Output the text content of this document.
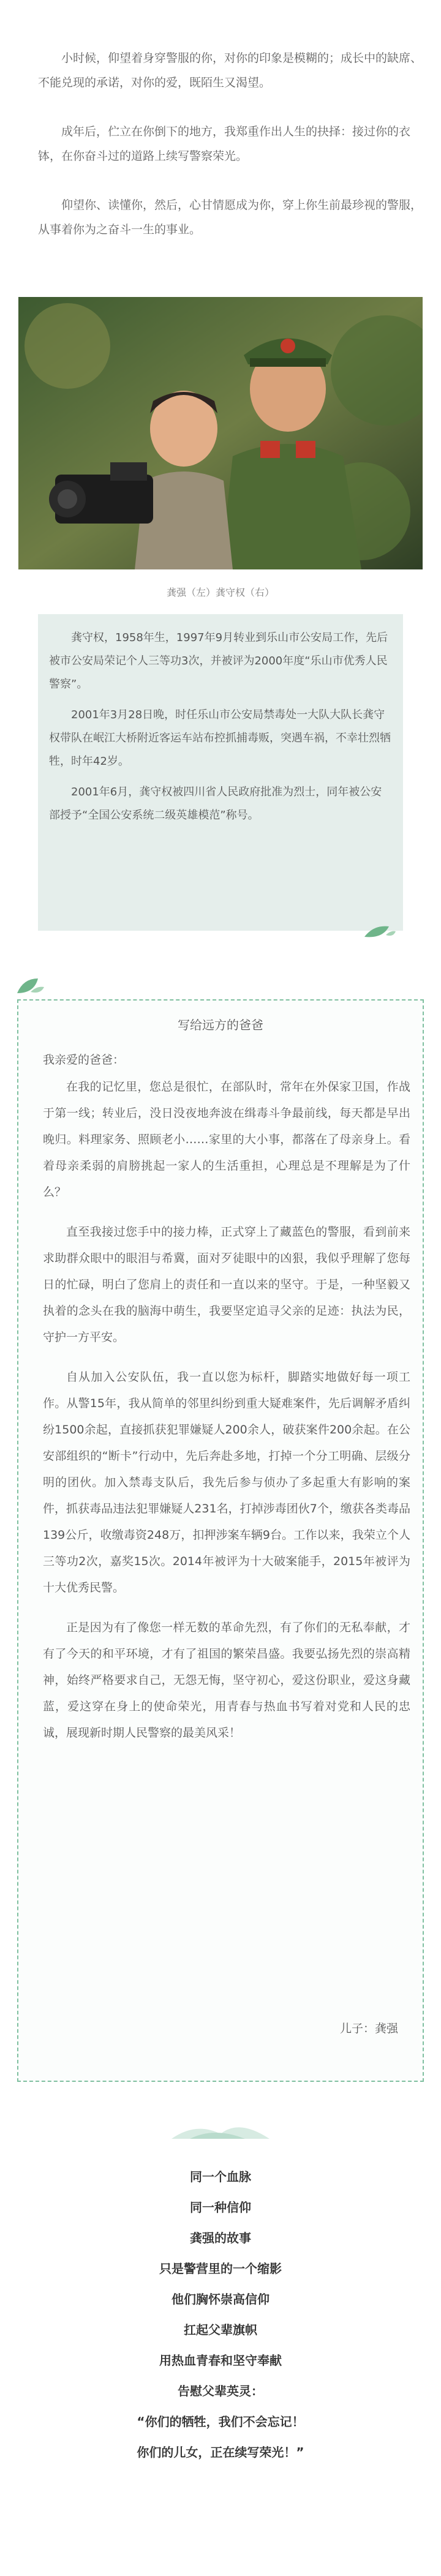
小时候，仰望着身穿警服的你，对你的印象是模糊的；成长中的缺席、不能兑现的承诺，对你的爱，既陌生又渴望。

成年后，伫立在你倒下的地方，我郑重作出人生的抉择：接过你的衣钵，在你奋斗过的道路上续写警察荣光。

仰望你、读懂你，然后，心甘情愿成为你，穿上你生前最珍视的警服，从事着你为之奋斗一生的事业。

龚强（左）龚守权（右）

龚守权，1958年生，1997年9月转业到乐山市公安局工作，先后被市公安局荣记个人三等功3次，并被评为2000年度“乐山市优秀人民警察”。

2001年3月28日晚，时任乐山市公安局禁毒处一大队大队长龚守权带队在岷江大桥附近客运车站布控抓捕毒贩，突遇车祸，不幸壮烈牺牲，时年42岁。

2001年6月，龚守权被四川省人民政府批准为烈士，同年被公安部授予“全国公安系统二级英雄模范”称号。

写给远方的爸爸
我亲爱的爸爸：

在我的记忆里，您总是很忙，在部队时，常年在外保家卫国，作战于第一线；转业后，没日没夜地奔波在缉毒斗争最前线，每天都是早出晚归。料理家务、照顾老小……家里的大小事，都落在了母亲身上。看着母亲柔弱的肩膀挑起一家人的生活重担，心理总是不理解是为了什么？

直至我接过您手中的接力棒，正式穿上了藏蓝色的警服，看到前来求助群众眼中的眼泪与希冀，面对歹徒眼中的凶狠，我似乎理解了您每日的忙碌，明白了您肩上的责任和一直以来的坚守。于是，一种坚毅又执着的念头在我的脑海中萌生，我要坚定追寻父亲的足迹：执法为民，守护一方平安。

自从加入公安队伍，我一直以您为标杆，脚踏实地做好每一项工作。从警15年，我从简单的邻里纠纷到重大疑难案件，先后调解矛盾纠纷1500余起，直接抓获犯罪嫌疑人200余人，破获案件200余起。在公安部组织的“断卡”行动中，先后奔赴多地，打掉一个分工明确、层级分明的团伙。加入禁毒支队后，我先后参与侦办了多起重大有影响的案件，抓获毒品违法犯罪嫌疑人231名，打掉涉毒团伙7个，缴获各类毒品139公斤，收缴毒资248万，扣押涉案车辆9台。工作以来，我荣立个人三等功2次，嘉奖15次。2014年被评为十大破案能手，2015年被评为十大优秀民警。

正是因为有了像您一样无数的革命先烈，有了你们的无私奉献，才有了今天的和平环境，才有了祖国的繁荣昌盛。我要弘扬先烈的崇高精神，始终严格要求自己，无怨无悔，坚守初心，爱这份职业，爱这身藏蓝，爱这穿在身上的使命荣光，用青春与热血书写着对党和人民的忠诚，展现新时期人民警察的最美风采！

儿子：龚强
同一个血脉
同一种信仰
龚强的故事
只是警营里的一个缩影
他们胸怀崇高信仰
扛起父辈旗帜
用热血青春和坚守奉献
告慰父辈英灵：
“你们的牺牲，我们不会忘记！
你们的儿女，正在续写荣光！”
